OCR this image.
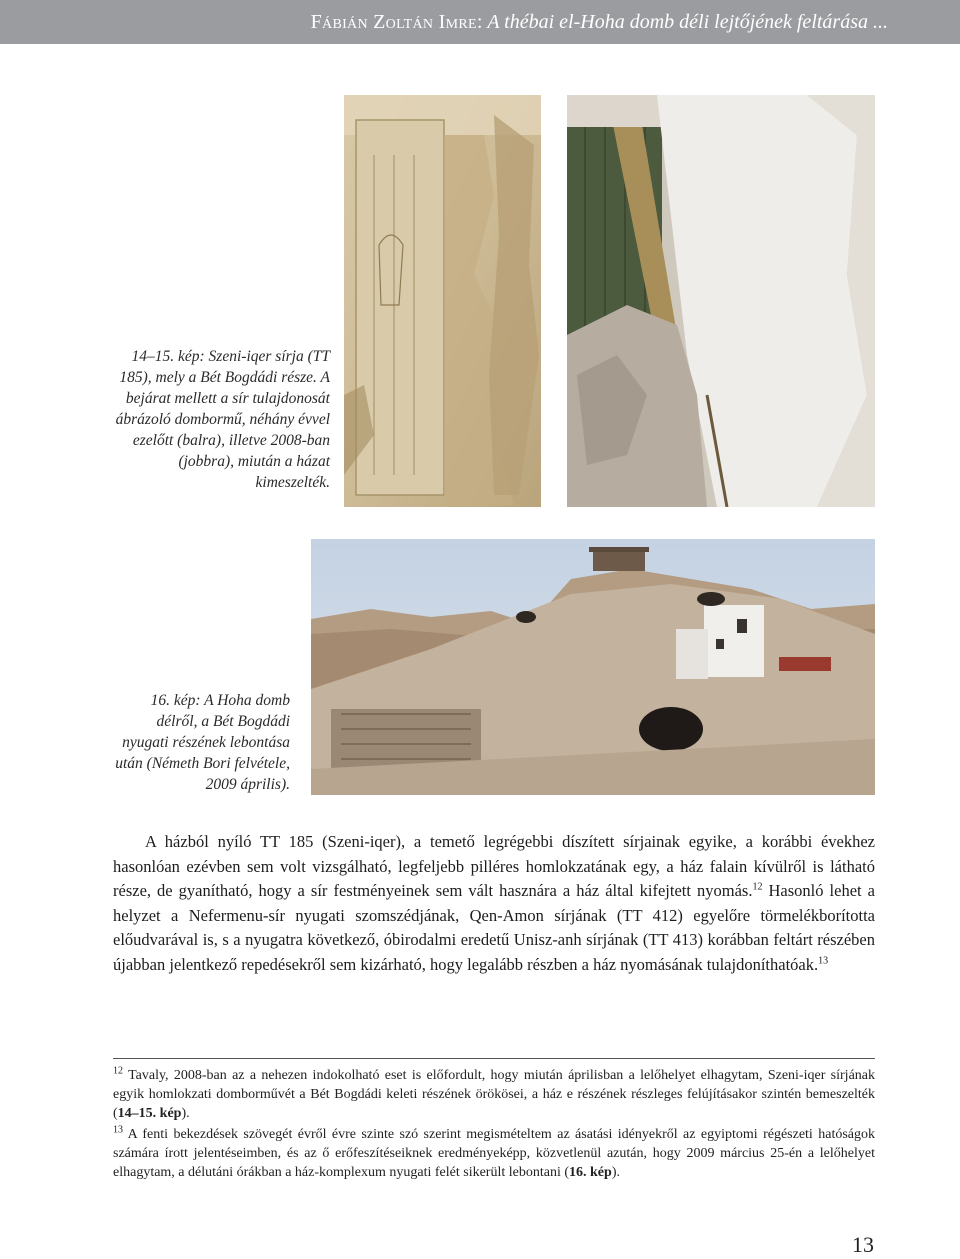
Fábián Zoltán Imre: A thébai el-Hoha domb déli lejtőjének feltárása ...
14–15. kép: Szeni-iqer sírja (TT 185), mely a Bét Bogdádi része. A bejárat mellett a sír tulajdonosát ábrázoló dombormű, néhány évvel ezelőtt (balra), illetve 2008-ban (jobbra), miután a házat kimeszelték.
16. kép: A Hoha domb délről, a Bét Bogdádi nyugati részének lebontása után (Németh Bori felvétele, 2009 április).

A házból nyíló TT 185 (Szeni-iqer), a temető legrégebbi díszített sírjainak egyike, a korábbi évekhez hasonlóan ezévben sem volt vizsgálható, legfeljebb pilléres homlokzatának egy, a ház falain kívülről is látható része, de gyanítható, hogy a sír festményeinek sem vált hasznára a ház által kifejtett nyomás.$^{12}$ Hasonló lehet a helyzet a Nefermenu-sír nyugati szomszédjának, Qen-Amon sírjának (TT 412) egyelőre törmelékborította előudvarával is, s a nyugatra következő, óbirodalmi eredetű Unisz-anh sírjának (TT 413) korábban feltárt részében újabban jelentkező repedésekről sem kizárható, hogy legalább részben a ház nyomásának tulajdoníthatóak.$^{13}$

$^{12}$ Tavaly, 2008-ban az a nehezen indokolható eset is előfordult, hogy miután áprilisban a lelőhelyet elhagytam, Szeni-iqer sírjának egyik homlokzati domborművét a Bét Bogdádi keleti részének örökösei, a ház e részének részleges felújításakor szintén bemeszelték (14–15. kép).

$^{13}$ A fenti bekezdések szövegét évről évre szinte szó szerint megismételtem az ásatási idényekről az egyiptomi régészeti hatóságok számára írott jelentéseimben, és az ő erőfeszítéseiknek eredményeképp, közvetlenül azután, hogy 2009 március 25-én a lelőhelyet elhagytam, a délutáni órákban a ház-komplexum nyugati felét sikerült lebontani (16. kép).

13
